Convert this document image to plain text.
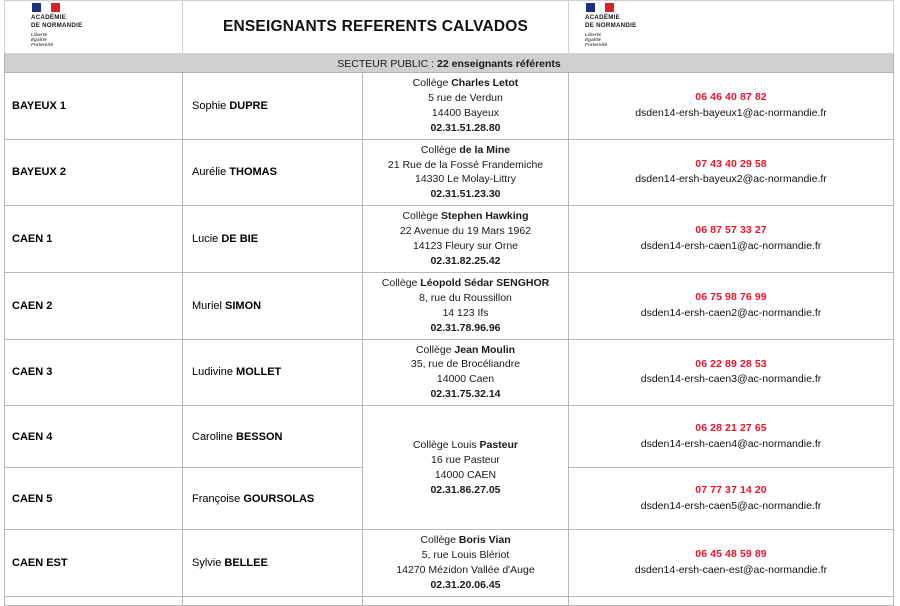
ACADÉMIE
DE NORMANDIE
Liberté
Égalité
Fraternité
	ENSEIGNANTS REFERENTS CALVADOS	
ACADÉMIE
DE NORMANDIE
Liberté
Égalité
Fraternité

SECTEUR PUBLIC : 22 enseignants référents			
BAYEUX 1	Sophie DUPRE	
Collège Charles Letot
5 rue de Verdun
14400 Bayeux
02.31.51.28.80

06 46 40 87 82
dsden14-ersh-bayeux1@ac-normandie.fr

BAYEUX 2	Aurélie THOMAS	
Collège de la Mine
21 Rue de la Fossé Frandemiche
14330 Le Molay-Littry
02.31.51.23.30

07 43 40 29 58
dsden14-ersh-bayeux2@ac-normandie.fr

CAEN 1	Lucie DE BIE	
Collège Stephen Hawking
22 Avenue du 19 Mars 1962
14123 Fleury sur Orne
02.31.82.25.42

06 87 57 33 27
dsden14-ersh-caen1@ac-normandie.fr

CAEN 2	Muriel SIMON	
Collège Léopold Sédar SENGHOR
8, rue du Roussillon
14 123 Ifs
02.31.78.96.96

06 75 98 76 99
dsden14-ersh-caen2@ac-normandie.fr

CAEN 3	Ludivine MOLLET	
Collège Jean Moulin
35, rue de Brocéliandre
14000 Caen
02.31.75.32.14

06 22 89 28 53
dsden14-ersh-caen3@ac-normandie.fr

CAEN 4	Caroline BESSON	
Collège Louis Pasteur
16 rue Pasteur
14000 CAEN
02.31.86.27.05

06 28 21 27 65
dsden14-ersh-caen4@ac-normandie.fr

CAEN 5	Françoise GOURSOLAS		07 77 37 14 20
dsden14-ersh-caen5@ac-normandie.fr

CAEN EST	Sylvie BELLEE	
Collège Boris Vian
5, rue Louis Blériot
14270 Mézidon Vallée d'Auge
02.31.20.06.45

06 45 48 59 89
dsden14-ersh-caen-est@ac-normandie.fr
